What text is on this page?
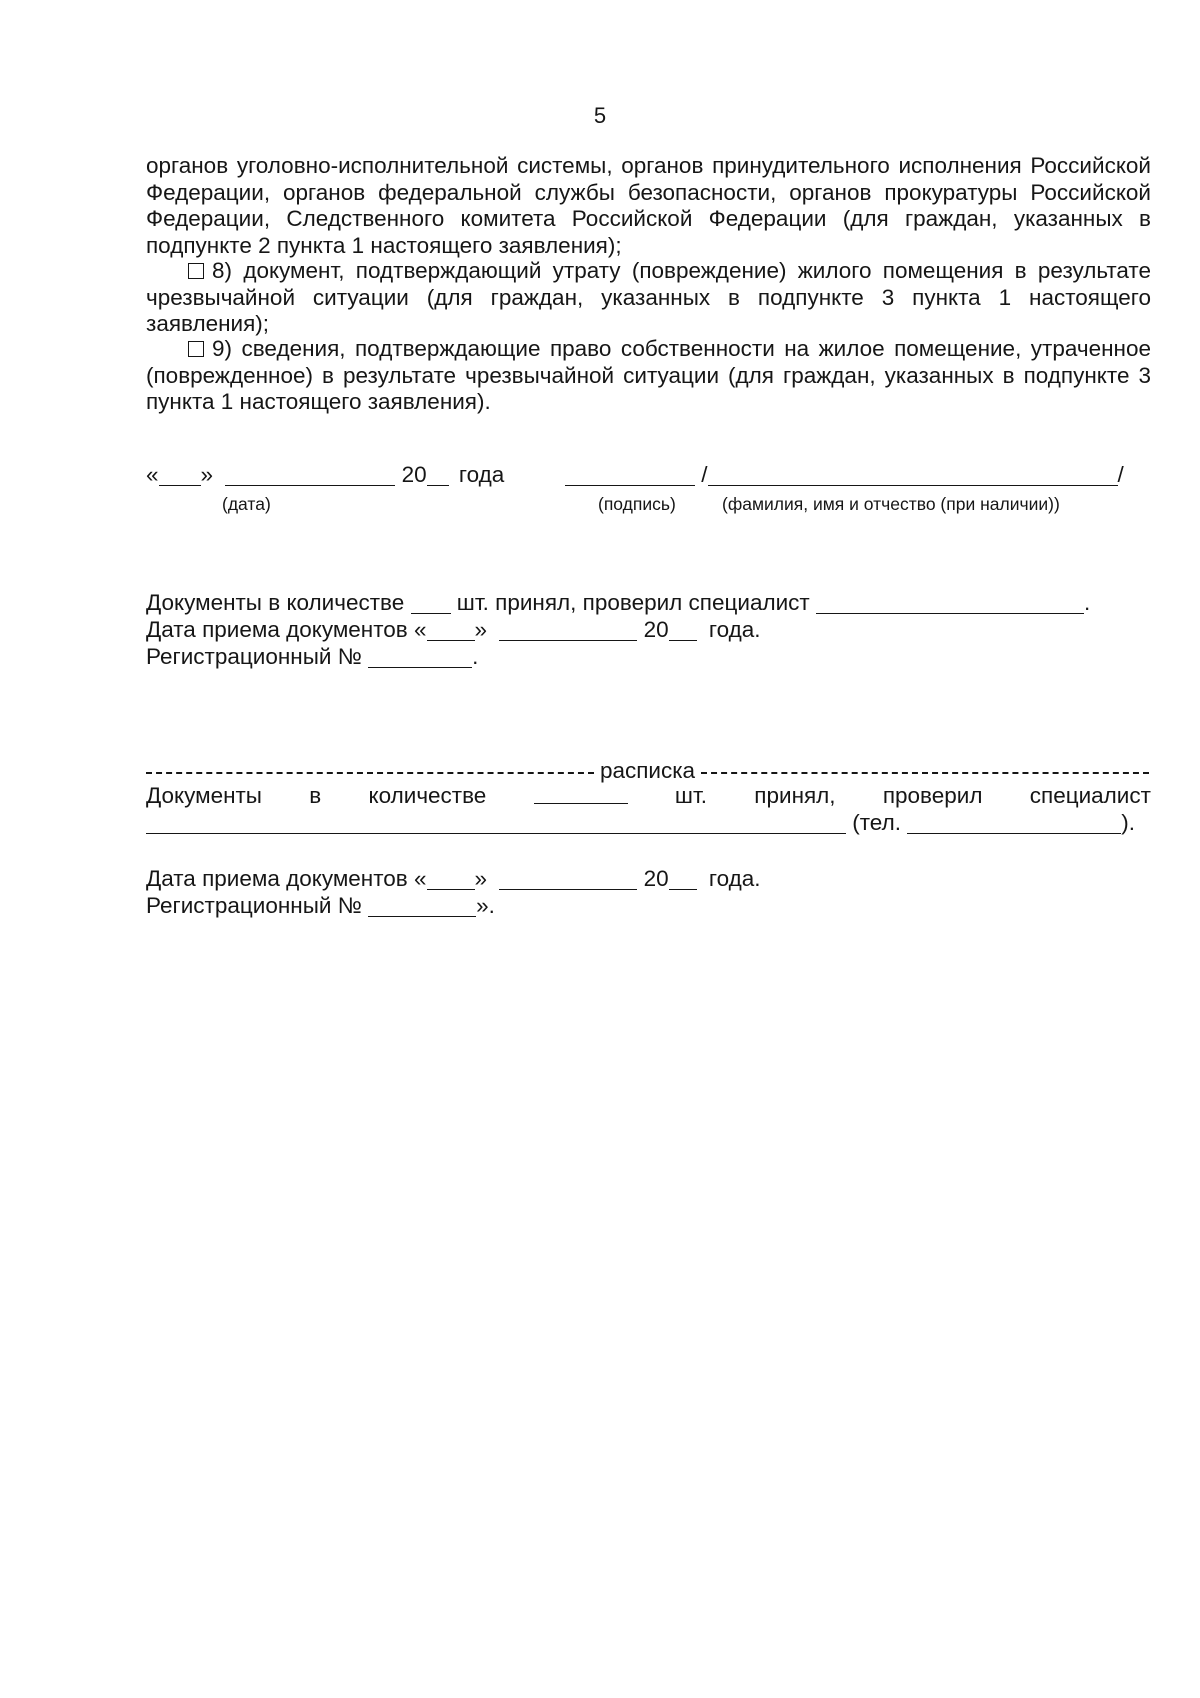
5
органов уголовно-исполнительной системы, органов принудительного исполнения Российской Федерации, органов федеральной службы безопасности, органов прокуратуры Российской Федерации, Следственного комитета Российской Федерации (для граждан, указанных в подпункте 2 пункта 1 настоящего заявления);
8) документ, подтверждающий утрату (повреждение) жилого помещения в результате чрезвычайной ситуации (для граждан, указанных в подпункте 3 пункта 1 настоящего заявления);
9) сведения, подтверждающие право собственности на жилое помещение, утраченное (поврежденное) в результате чрезвычайной ситуации (для граждан, указанных в подпункте 3 пункта 1 настоящего заявления).
« »	20 года	/	/
(дата)	(подпись)	(фамилия, имя и отчество (при наличии))
Документы в количестве шт. принял, проверил специалист	.
Дата приема документов « »	20 года.
Регистрационный №	.
расписка
Документы в количестве	шт. принял, проверил специалист
(тел.	).
Дата приема документов « »	20 года.
Регистрационный №	».
